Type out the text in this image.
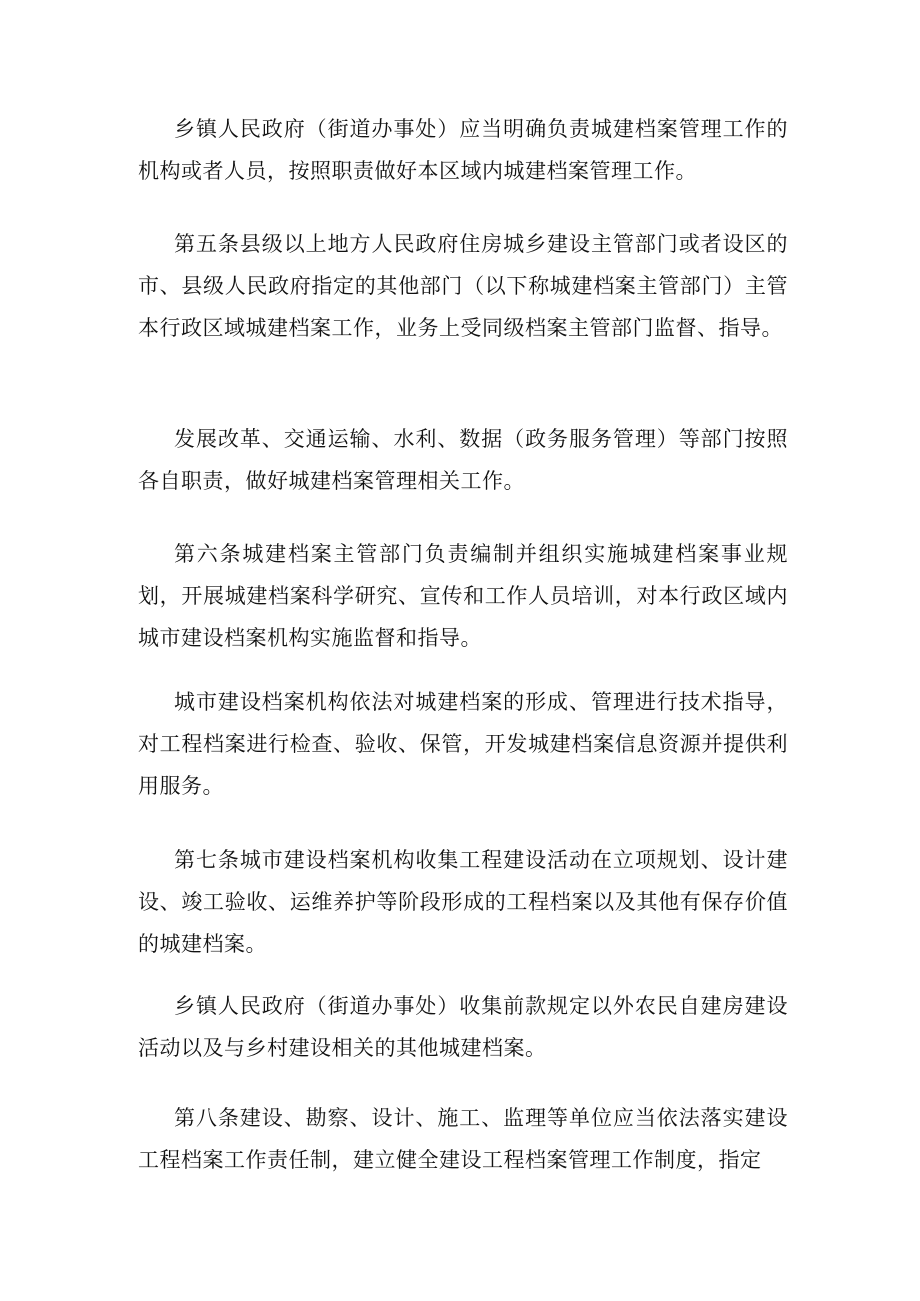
乡镇人民政府（街道办事处）应当明确负责城建档案管理工作的机构或者人员，按照职责做好本区域内城建档案管理工作。

第五条县级以上地方人民政府住房城乡建设主管部门或者设区的市、县级人民政府指定的其他部门（以下称城建档案主管部门）主管本行政区域城建档案工作，业务上受同级档案主管部门监督、指导。

发展改革、交通运输、水利、数据（政务服务管理）等部门按照各自职责，做好城建档案管理相关工作。

第六条城建档案主管部门负责编制并组织实施城建档案事业规划，开展城建档案科学研究、宣传和工作人员培训，对本行政区域内城市建设档案机构实施监督和指导。

城市建设档案机构依法对城建档案的形成、管理进行技术指导，对工程档案进行检查、验收、保管，开发城建档案信息资源并提供利用服务。

第七条城市建设档案机构收集工程建设活动在立项规划、设计建设、竣工验收、运维养护等阶段形成的工程档案以及其他有保存价值的城建档案。

乡镇人民政府（街道办事处）收集前款规定以外农民自建房建设活动以及与乡村建设相关的其他城建档案。

第八条建设、勘察、设计、施工、监理等单位应当依法落实建设工程档案工作责任制，建立健全建设工程档案管理工作制度，指定
